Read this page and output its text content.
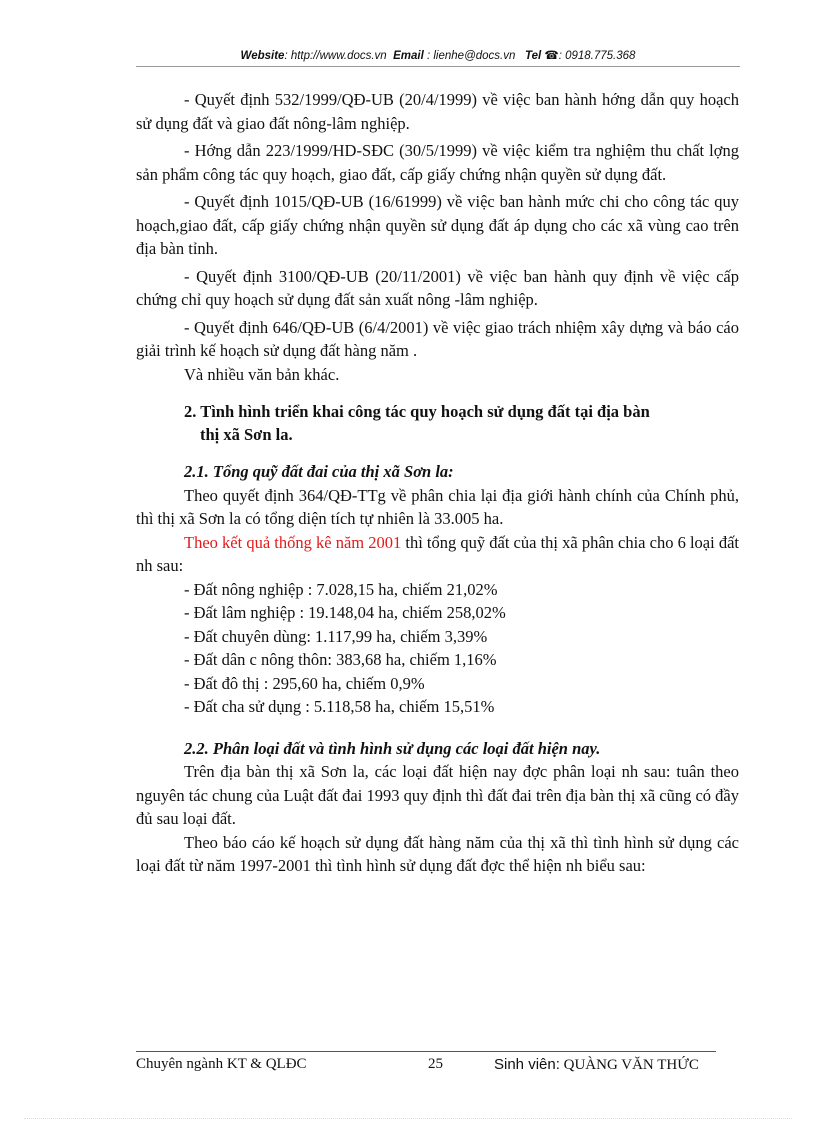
Website: http://www.docs.vn Email : lienhe@docs.vn Tel ☎: 0918.775.368

- Quyết định 532/1999/QĐ-UB (20/4/1999) về việc ban hành hớng dẫn quy hoạch sử dụng đất và giao đất nông-lâm nghiệp.

- Hớng dẫn 223/1999/HD-SĐC (30/5/1999) về việc kiểm tra nghiệm thu chất lợng sản phẩm công tác quy hoạch, giao đất, cấp giấy chứng nhận quyền sử dụng đất.

- Quyết định 1015/QĐ-UB (16/61999) về việc ban hành mức chi cho công tác quy hoạch,giao đất, cấp giấy chứng nhận quyền sử dụng đất áp dụng cho các xã vùng cao trên địa bàn tỉnh.

- Quyết định 3100/QĐ-UB (20/11/2001) về việc ban hành quy định về việc cấp chứng chỉ quy hoạch sử dụng đất sản xuất nông -lâm nghiệp.

- Quyết định 646/QĐ-UB (6/4/2001) về việc giao trách nhiệm xây dựng và báo cáo giải trình kế hoạch sử dụng đất hàng năm .

Và nhiều văn bản khác.

2. Tình hình triển khai công tác quy hoạch sử dụng đất tại địa bàn
thị xã Sơn la.

2.1. Tổng quỹ đất đai của thị xã Sơn la:

Theo quyết định 364/QĐ-TTg về phân chia lại địa giới hành chính của Chính phủ, thì thị xã Sơn la có tổng diện tích tự nhiên là 33.005 ha.

Theo kết quả thống kê năm 2001 thì tổng quỹ đất của thị xã phân chia cho 6 loại đất nh sau:

- Đất nông nghiệp : 7.028,15 ha, chiếm 21,02%

- Đất lâm nghiệp : 19.148,04 ha, chiếm 258,02%

- Đất chuyên dùng: 1.117,99 ha, chiếm 3,39%

- Đất dân c nông thôn: 383,68 ha, chiếm 1,16%

- Đất đô thị : 295,60 ha, chiếm 0,9%

- Đất cha sử dụng : 5.118,58 ha, chiếm 15,51%

2.2. Phân loại đất và tình hình sử dụng các loại đất hiện nay.

Trên địa bàn thị xã Sơn la, các loại đất hiện nay đợc phân loại nh sau: tuân theo nguyên tác chung của Luật đất đai 1993 quy định thì đất đai trên địa bàn thị xã cũng có đầy đủ sau loại đất.

Theo báo cáo kế hoạch sử dụng đất hàng năm của thị xã thì tình hình sử dụng các loại đất từ năm 1997-2001 thì tình hình sử dụng đất đợc thể hiện nh biểu sau:

Chuyên ngành KT & QLĐC	25	Sinh viên: QUÀNG VĂN THỨC
